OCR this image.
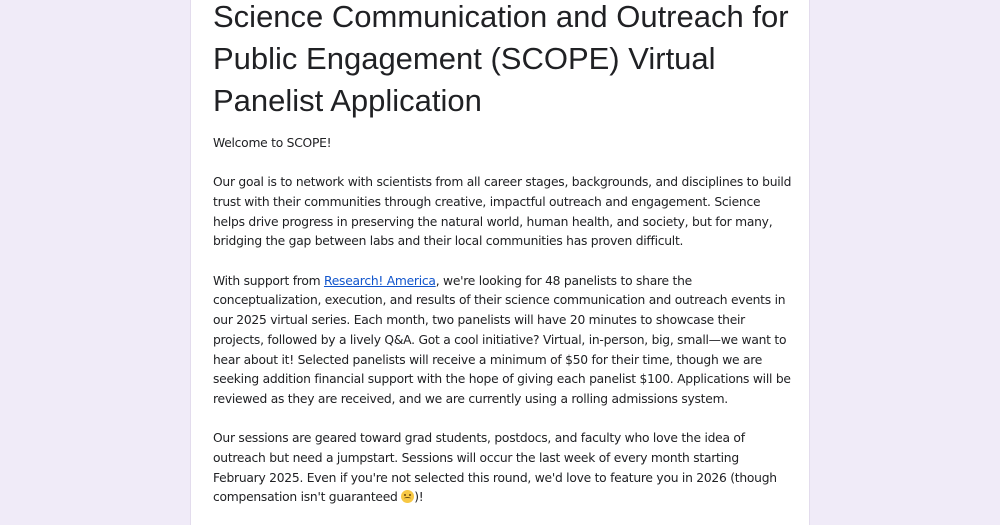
Science Communication and Outreach for Public Engagement (SCOPE) Virtual Panelist Application

Welcome to SCOPE!

Our goal is to network with scientists from all career stages, backgrounds, and disciplines to build trust with their communities through creative, impactful outreach and engagement. Science helps drive progress in preserving the natural world, human health, and society, but for many, bridging the gap between labs and their local communities has proven difficult.

With support from Research! America, we're looking for 48 panelists to share the conceptualization, execution, and results of their science communication and outreach events in our 2025 virtual series. Each month, two panelists will have 20 minutes to showcase their projects, followed by a lively Q&A. Got a cool initiative? Virtual, in-person, big, small—we want to hear about it! Selected panelists will receive a minimum of $50 for their time, though we are seeking addition financial support with the hope of giving each panelist $100. Applications will be reviewed as they are received, and we are currently using a rolling admissions system.

Our sessions are geared toward grad students, postdocs, and faculty who love the idea of outreach but need a jumpstart. Sessions will occur the last week of every month starting February 2025. Even if you're not selected this round, we'd love to feature you in 2026 (though compensation isn't guaranteed )!
